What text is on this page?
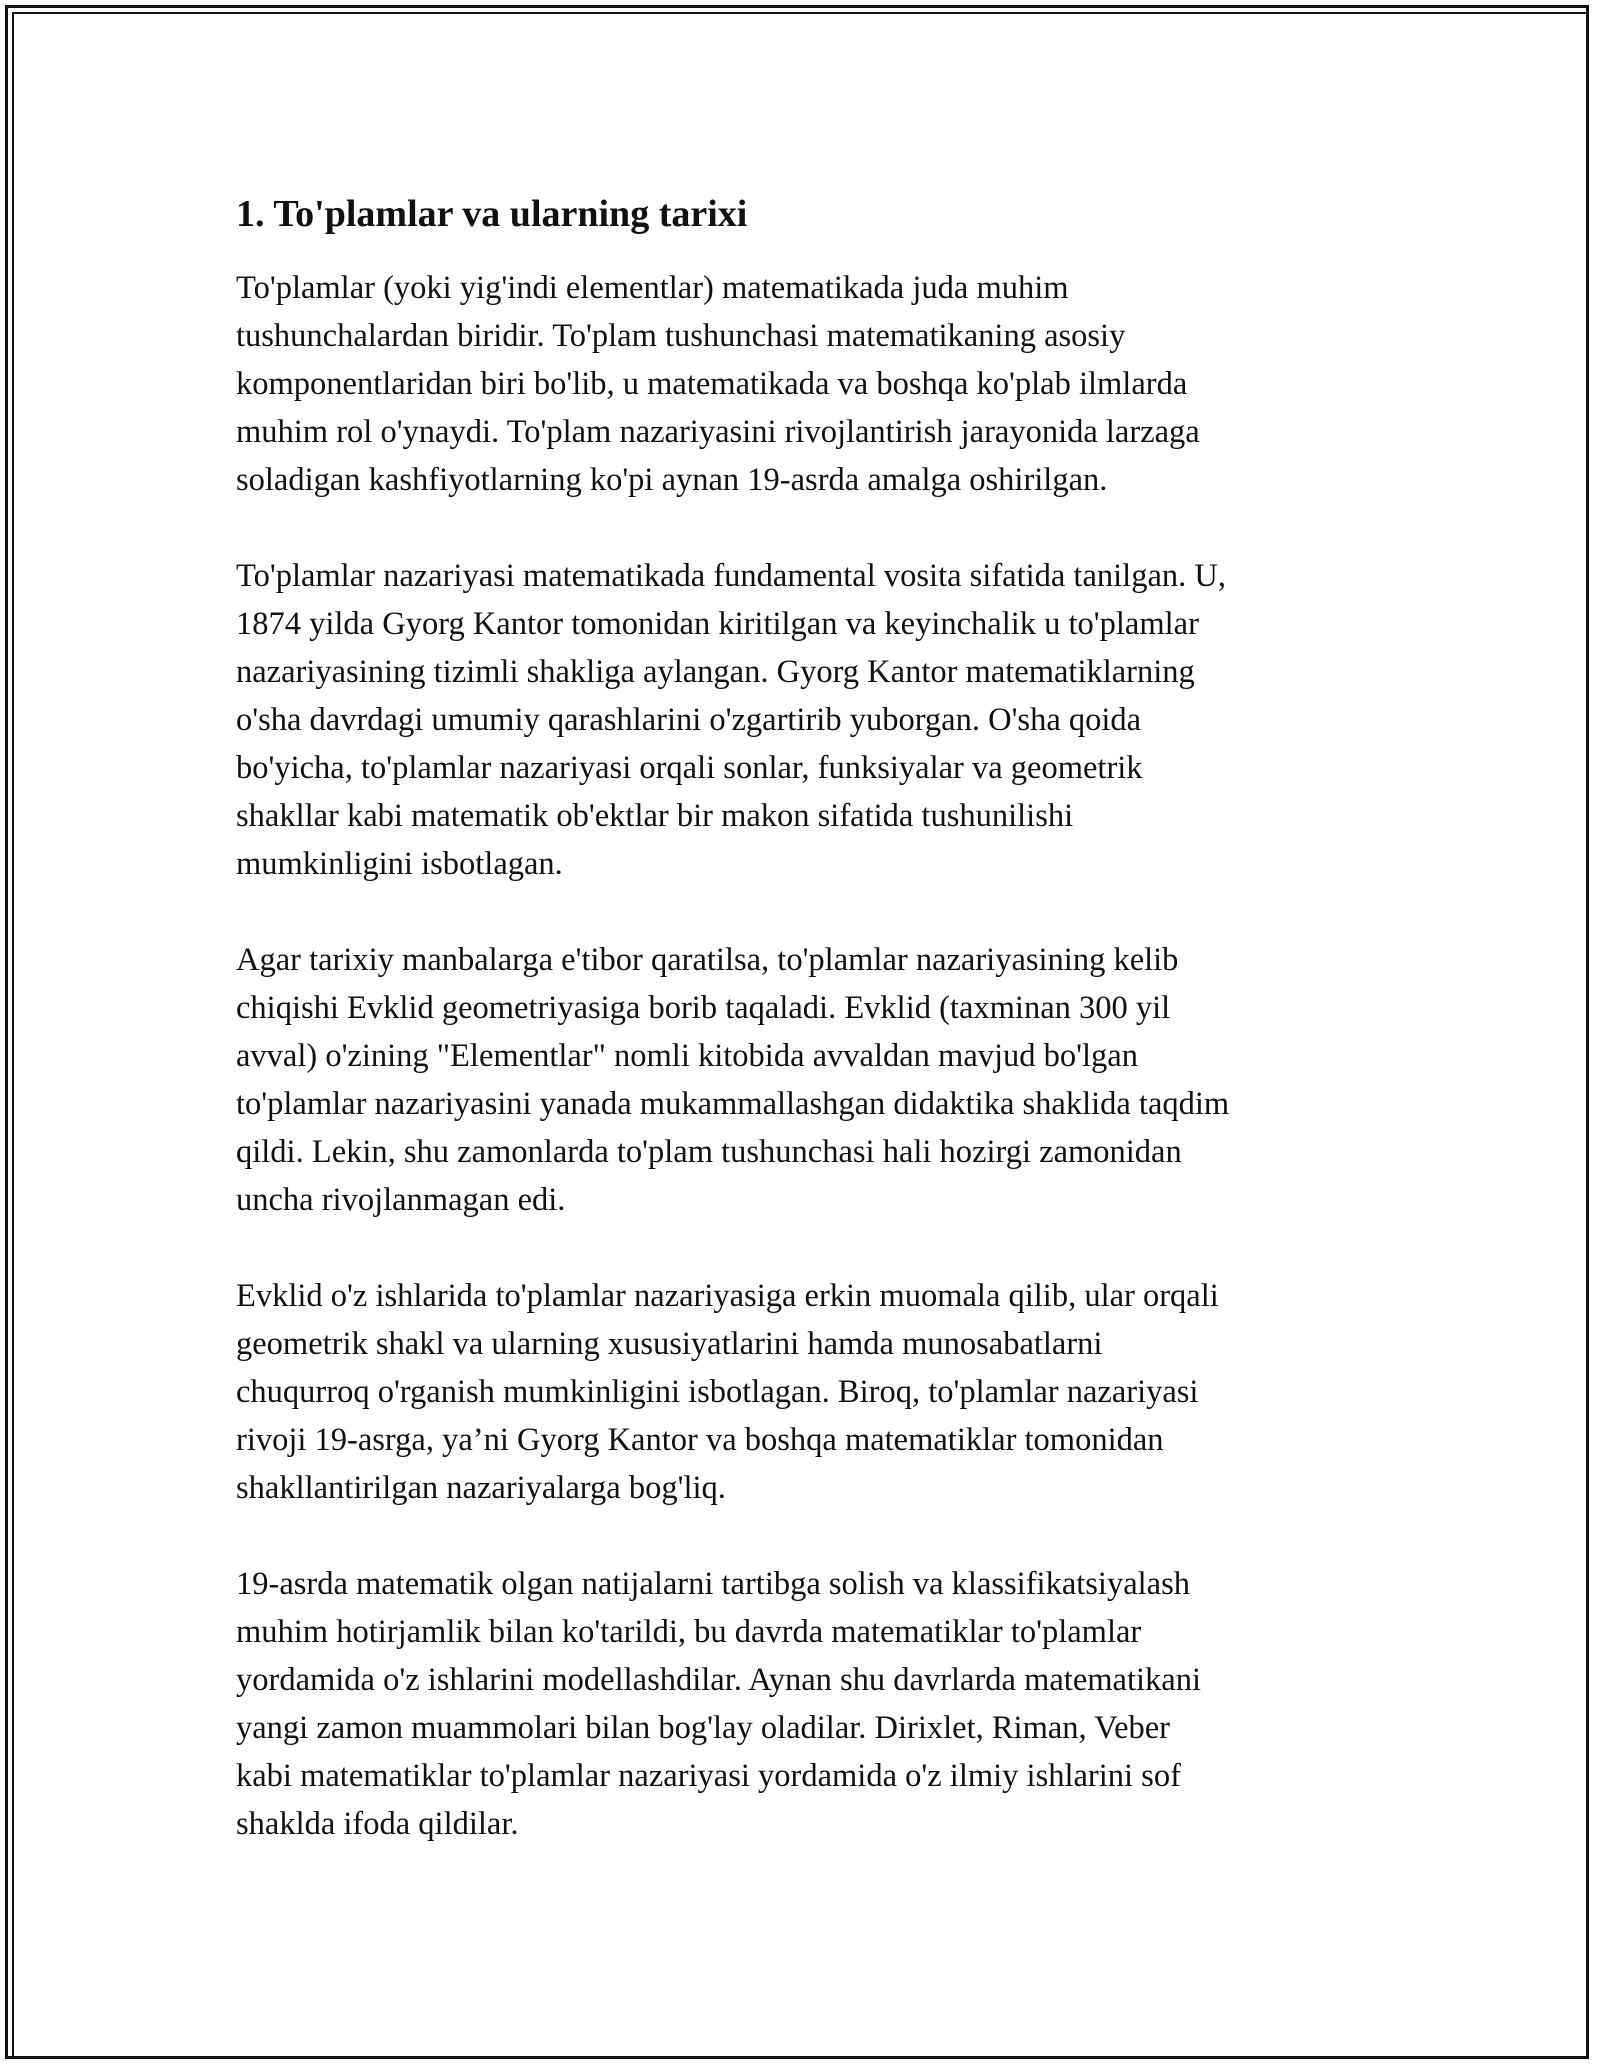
1. To'plamlar va ularning tarixi

To'plamlar (yoki yig'indi elementlar) matematikada juda muhim
tushunchalardan biridir. To'plam tushunchasi matematikaning asosiy
komponentlaridan biri bo'lib, u matematikada va boshqa ko'plab ilmlarda
muhim rol o'ynaydi. To'plam nazariyasini rivojlantirish jarayonida larzaga
soladigan kashfiyotlarning ko'pi aynan 19-asrda amalga oshirilgan.

To'plamlar nazariyasi matematikada fundamental vosita sifatida tanilgan. U,
1874 yilda Gyorg Kantor tomonidan kiritilgan va keyinchalik u to'plamlar
nazariyasining tizimli shakliga aylangan. Gyorg Kantor matematiklarning
o'sha davrdagi umumiy qarashlarini o'zgartirib yuborgan. O'sha qoida
bo'yicha, to'plamlar nazariyasi orqali sonlar, funksiyalar va geometrik
shakllar kabi matematik ob'ektlar bir makon sifatida tushunilishi
mumkinligini isbotlagan.

Agar tarixiy manbalarga e'tibor qaratilsa, to'plamlar nazariyasining kelib
chiqishi Evklid geometriyasiga borib taqaladi. Evklid (taxminan 300 yil
avval) o'zining "Elementlar" nomli kitobida avvaldan mavjud bo'lgan
to'plamlar nazariyasini yanada mukammallashgan didaktika shaklida taqdim
qildi. Lekin, shu zamonlarda to'plam tushunchasi hali hozirgi zamonidan
uncha rivojlanmagan edi.

Evklid o'z ishlarida to'plamlar nazariyasiga erkin muomala qilib, ular orqali
geometrik shakl va ularning xususiyatlarini hamda munosabatlarni
chuqurroq o'rganish mumkinligini isbotlagan. Biroq, to'plamlar nazariyasi
rivoji 19-asrga, ya’ni Gyorg Kantor va boshqa matematiklar tomonidan
shakllantirilgan nazariyalarga bog'liq.

19-asrda matematik olgan natijalarni tartibga solish va klassifikatsiyalash
muhim hotirjamlik bilan ko'tarildi, bu davrda matematiklar to'plamlar
yordamida o'z ishlarini modellashdilar. Aynan shu davrlarda matematikani
yangi zamon muammolari bilan bog'lay oladilar. Dirixlet, Riman, Veber
kabi matematiklar to'plamlar nazariyasi yordamida o'z ilmiy ishlarini sof
shaklda ifoda qildilar.
